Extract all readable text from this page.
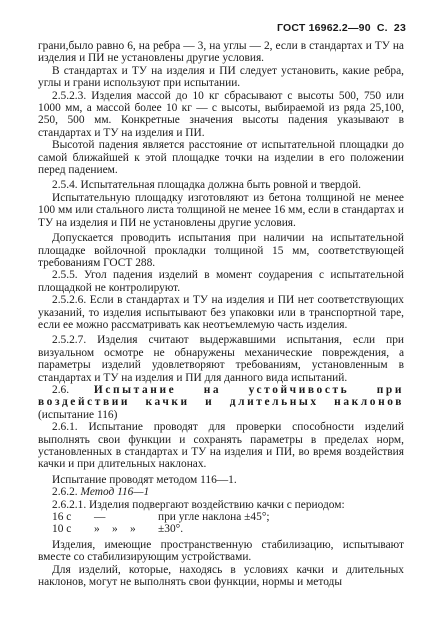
ГОСТ 16962.2—90 С. 23

грани,было равно 6, на ребра — 3, на углы — 2, если в стандартах и ТУ на изделия и ПИ не установлены другие условия.

В стандартах и ТУ на изделия и ПИ следует установить, какие ребра, углы и грани используют при испытании.

2.5.2.3. Изделия массой до 10 кг сбрасывают с высоты 500, 750 или 1000 мм, а массой более 10 кг — с высоты, выбираемой из ряда 25,100, 250, 500 мм. Конкретные значения высоты падения указывают в стандартах и ТУ на изделия и ПИ.

Высотой падения является расстояние от испытательной площадки до самой ближайшей к этой площадке точки на изделии в его положении перед падением.

2.5.4. Испытательная площадка должна быть ровной и твердой.

Испытательную площадку изготовляют из бетона толщиной не менее 100 мм или стального листа толщиной не менее 16 мм, если в стандартах и ТУ на изделия и ПИ не установлены другие условия.

Допускается проводить испытания при наличии на испытательной площадке войлочной прокладки толщиной 15 мм, соответствующей требованиям ГОСТ 288.

2.5.5. Угол падения изделий в момент соударения с испытательной площадкой не контролируют.

2.5.2.6. Если в стандартах и ТУ на изделия и ПИ нет соответствующих указаний, то изделия испытывают без упаковки или в транспортной таре, если ее можно рассматривать как неотъемлемую часть изделия.

2.5.2.7. Изделия считают выдержавшими испытания, если при визуальном осмотре не обнаружены механические повреждения, а параметры изделий удовлетворяют требованиям, установленным в стандартах и ТУ на изделия и ПИ для данного вида испытаний.

2.6. Испытание на устойчивость при воздействии качки и длительных наклонов (испытание 116)

2.6.1. Испытание проводят для проверки способности изделий выполнять свои функции и сохранять параметры в пределах норм, установленных в стандартах и ТУ на изделия и ПИ, во время воздействия качки и при длительных наклонах.

Испытание проводят методом 116—1.

2.6.2. Метод 116—1

2.6.2.1. Изделия подвергают воздействию качки с периодом:

16 с	—	при угле наклона ±45°;
10 с	»	»	»	±30°.

Изделия, имеющие пространственную стабилизацию, испытывают вместе со стабилизирующим устройствами.

Для изделий, которые, находясь в условиях качки и длительных наклонов, могут не выполнять свои функции, нормы и методы
